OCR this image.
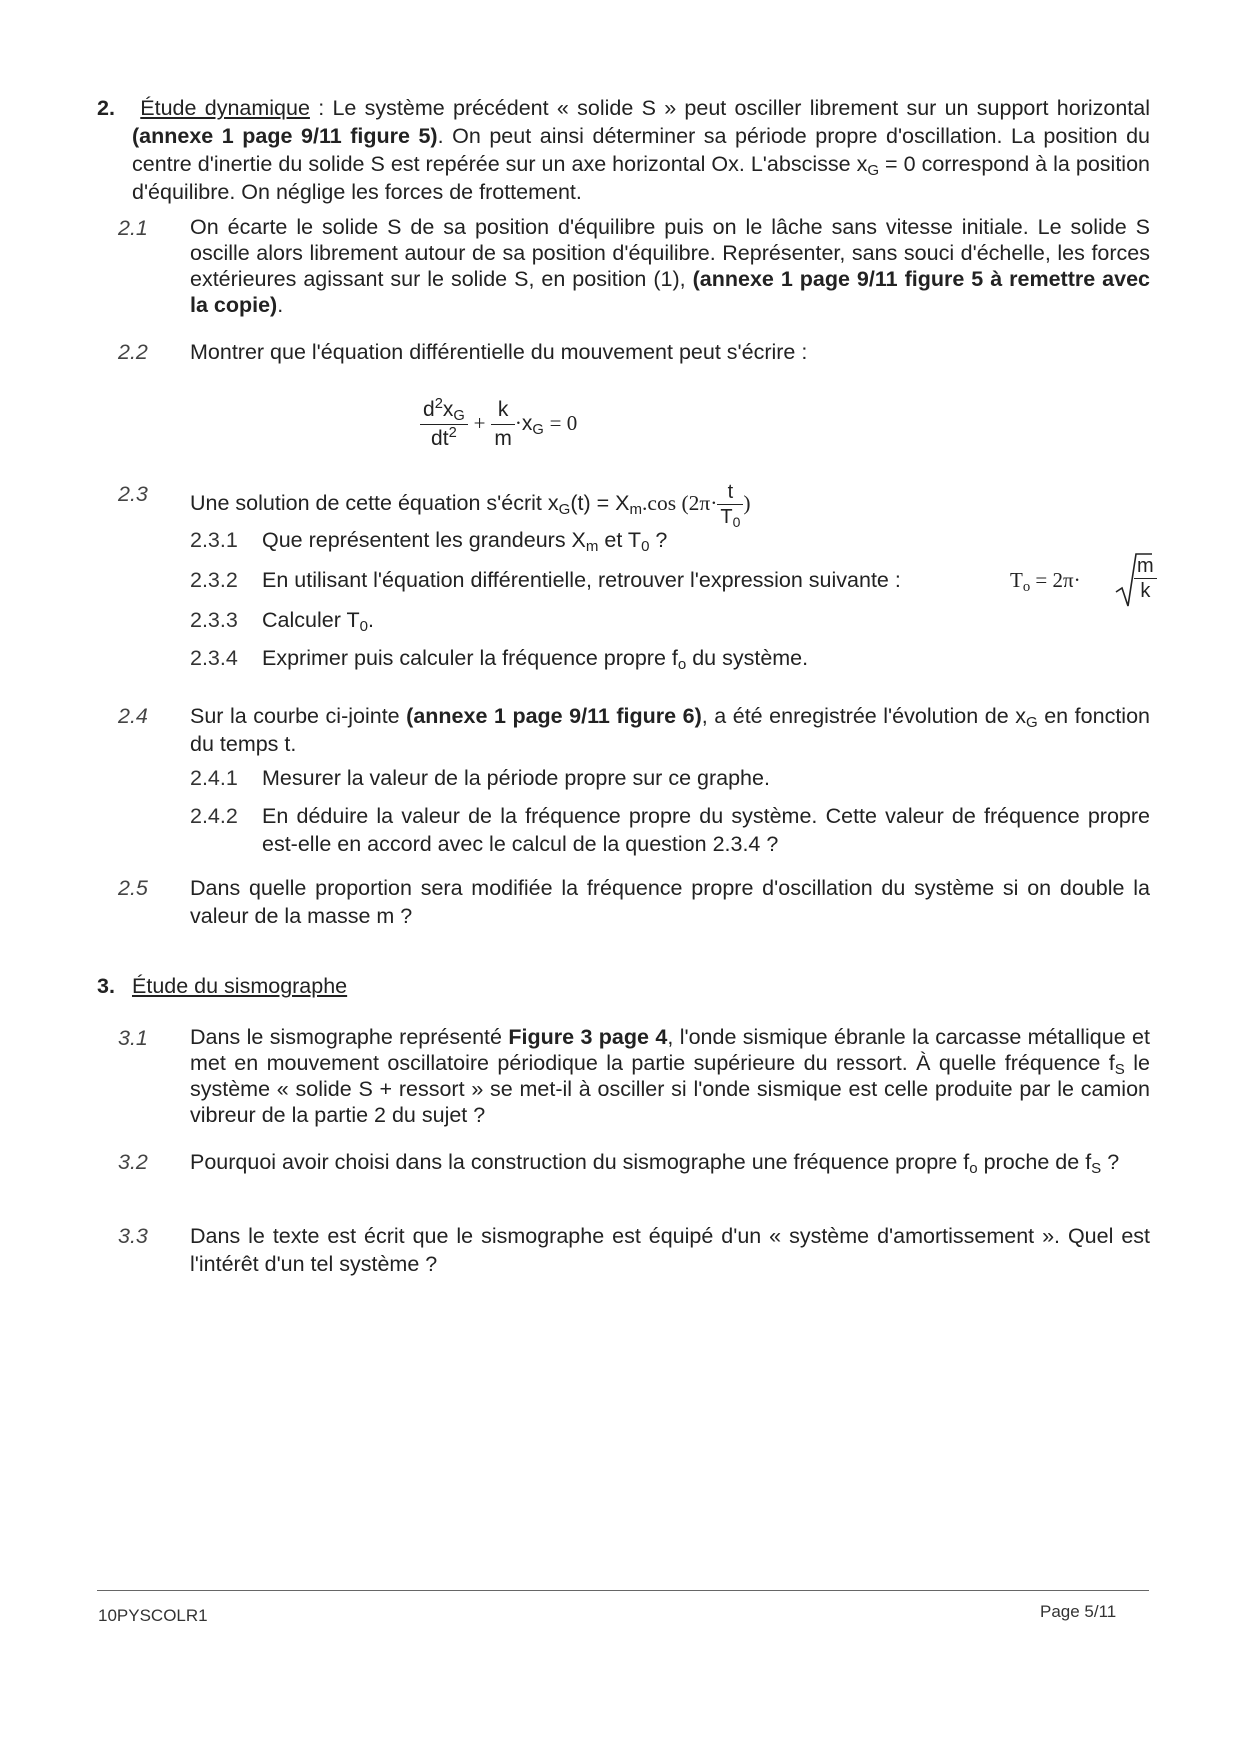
2. Étude dynamique : Le système précédent « solide S » peut osciller librement sur un support horizontal (annexe 1 page 9/11 figure 5). On peut ainsi déterminer sa période propre d'oscillation. La position du centre d'inertie du solide S est repérée sur un axe horizontal Ox. L'abscisse $x_G = 0$ correspond à la position d'équilibre. On néglige les forces de frottement.
2.1 On écarte le solide S de sa position d'équilibre puis on le lâche sans vitesse initiale. Le solide S oscille alors librement autour de sa position d'équilibre. Représenter, sans souci d'échelle, les forces extérieures agissant sur le solide S, en position (1), (annexe 1 page 9/11 figure 5 à remettre avec la copie).
2.2 Montrer que l'équation différentielle du mouvement peut s'écrire :
$\frac{d^2x_G}{dt^2} + \frac{k}{m} \cdot x_G = 0$
2.3 Une solution de cette équation s'écrit $x_G(t) = X_m.\cos$ ($2\pi\cdot \frac{t}{T_0}$ )
2.3.1 Que représentent les grandeurs $X_m$ et $T_0$ ?
2.3.2 En utilisant l'équation différentielle, retrouver l'expression suivante :	$T_o = 2\pi\cdot$	$\frac{m}{k}$
2.3.3 Calculer $T_0$.
2.3.4 Exprimer puis calculer la fréquence propre $f_o$ du système.
2.4 Sur la courbe ci-jointe (annexe 1 page 9/11 figure 6), a été enregistrée l'évolution de $x_G$ en fonction du temps t.
2.4.1 Mesurer la valeur de la période propre sur ce graphe.
2.4.2 En déduire la valeur de la fréquence propre du système. Cette valeur de fréquence propre est-elle en accord avec le calcul de la question 2.3.4 ?
2.5 Dans quelle proportion sera modifiée la fréquence propre d'oscillation du système si on double la valeur de la masse m ?
3. Étude du sismographe
3.1 Dans le sismographe représenté Figure 3 page 4, l'onde sismique ébranle la carcasse métallique et met en mouvement oscillatoire périodique la partie supérieure du ressort. À quelle fréquence $f_S$ le système « solide S + ressort » se met-il à osciller si l'onde sismique est celle produite par le camion vibreur de la partie 2 du sujet ?
3.2 Pourquoi avoir choisi dans la construction du sismographe une fréquence propre $f_o$ proche de $f_S$ ?
3.3 Dans le texte est écrit que le sismographe est équipé d'un « système d'amortissement ». Quel est l'intérêt d'un tel système ?
10PYSCOLR1	Page 5/11
